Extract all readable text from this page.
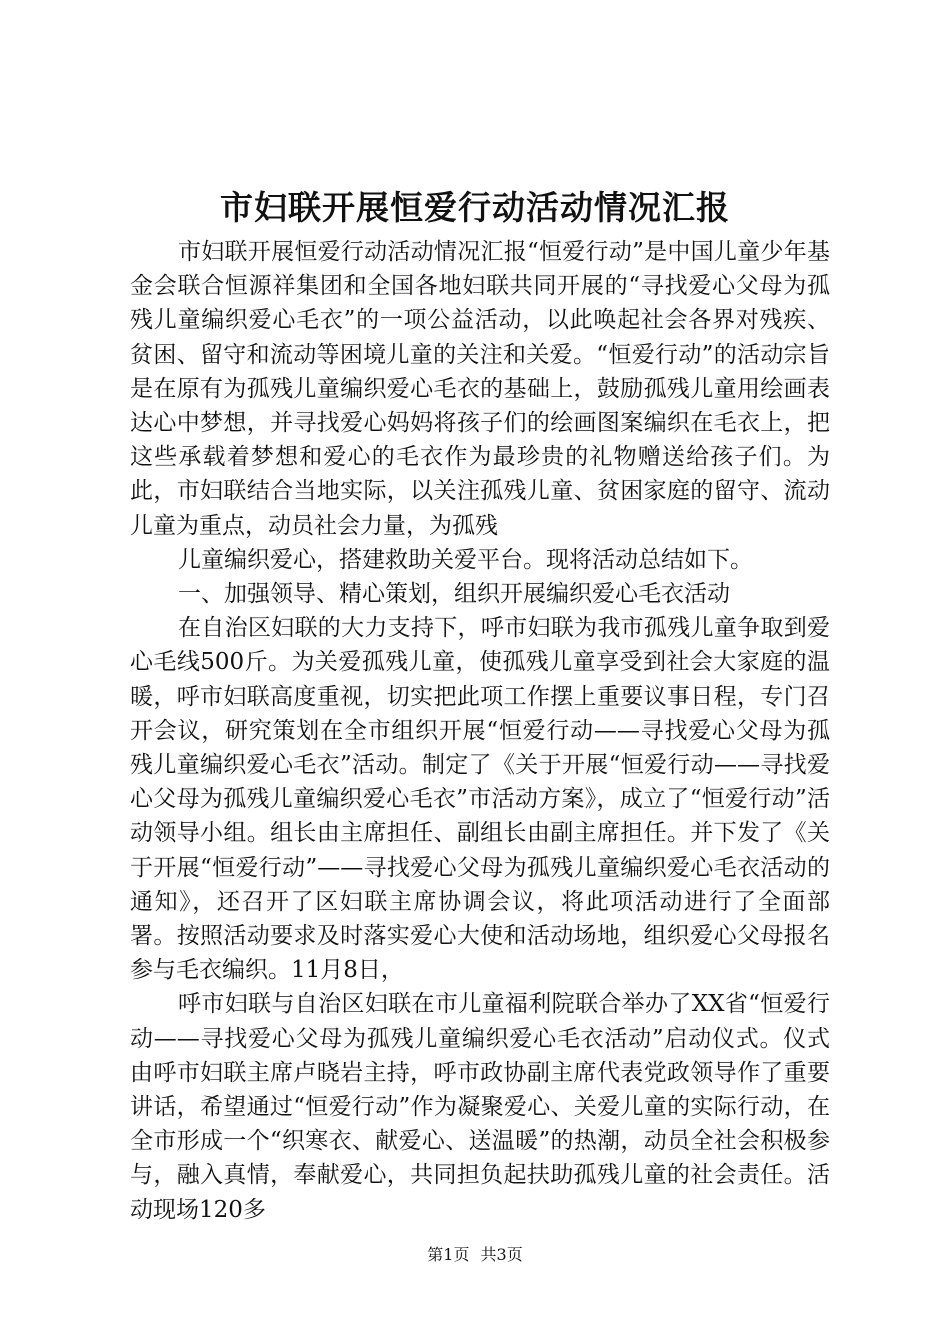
市妇联开展恒爱行动活动情况汇报

市妇联开展恒爱行动活动情况汇报“恒爱行动”是中国儿童少年基金会联合恒源祥集团和全国各地妇联共同开展的“寻找爱心父母为孤残儿童编织爱心毛衣”的一项公益活动，以此唤起社会各界对残疾、贫困、留守和流动等困境儿童的关注和关爱。“恒爱行动”的活动宗旨是在原有为孤残儿童编织爱心毛衣的基础上，鼓励孤残儿童用绘画表达心中梦想，并寻找爱心妈妈将孩子们的绘画图案编织在毛衣上，把这些承载着梦想和爱心的毛衣作为最珍贵的礼物赠送给孩子们。为此，市妇联结合当地实际，以关注孤残儿童、贫困家庭的留守、流动儿童为重点，动员社会力量，为孤残

儿童编织爱心，搭建救助关爱平台。现将活动总结如下。

一、加强领导、精心策划，组织开展编织爱心毛衣活动

在自治区妇联的大力支持下，呼市妇联为我市孤残儿童争取到爱心毛线500斤。为关爱孤残儿童，使孤残儿童享受到社会大家庭的温暖，呼市妇联高度重视，切实把此项工作摆上重要议事日程，专门召开会议，研究策划在全市组织开展“恒爱行动——寻找爱心父母为孤残儿童编织爱心毛衣”活动。制定了《关于开展“恒爱行动——寻找爱心父母为孤残儿童编织爱心毛衣”市活动方案》，成立了“恒爱行动”活动领导小组。组长由主席担任、副组长由副主席担任。并下发了《关于开展“恒爱行动”——寻找爱心父母为孤残儿童编织爱心毛衣活动的通知》，还召开了区妇联主席协调会议，将此项活动进行了全面部署。按照活动要求及时落实爱心大使和活动场地，组织爱心父母报名参与毛衣编织。11月8日，

呼市妇联与自治区妇联在市儿童福利院联合举办了XX省“恒爱行动——寻找爱心父母为孤残儿童编织爱心毛衣活动”启动仪式。仪式由呼市妇联主席卢晓岩主持，呼市政协副主席代表党政领导作了重要讲话，希望通过“恒爱行动”作为凝聚爱心、关爱儿童的实际行动，在全市形成一个“织寒衣、献爱心、送温暖”的热潮，动员全社会积极参与，融入真情，奉献爱心，共同担负起扶助孤残儿童的社会责任。活动现场120多

第1页 共3页
